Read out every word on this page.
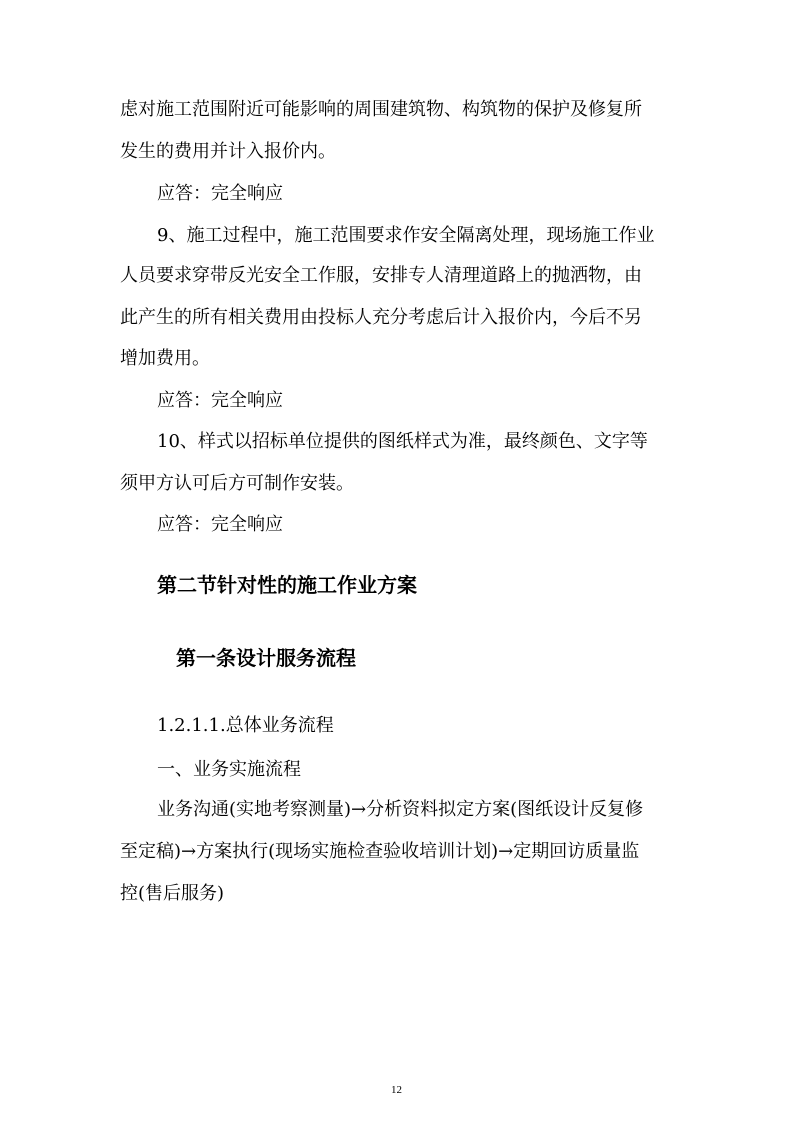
虑对施工范围附近可能影响的周围建筑物、构筑物的保护及修复所
发生的费用并计入报价内。
应答：完全响应
9、施工过程中，施工范围要求作安全隔离处理，现场施工作业
人员要求穿带反光安全工作服，安排专人清理道路上的抛洒物，由
此产生的所有相关费用由投标人充分考虑后计入报价内，今后不另
增加费用。
应答：完全响应
10、样式以招标单位提供的图纸样式为准，最终颜色、文字等
须甲方认可后方可制作安装。
应答：完全响应
第二节针对性的施工作业方案
第一条设计服务流程
1.2.1.1.总体业务流程
一、业务实施流程
业务沟通(实地考察测量)→分析资料拟定方案(图纸设计反复修
至定稿)→方案执行(现场实施检查验收培训计划)→定期回访质量监
控(售后服务)
12
